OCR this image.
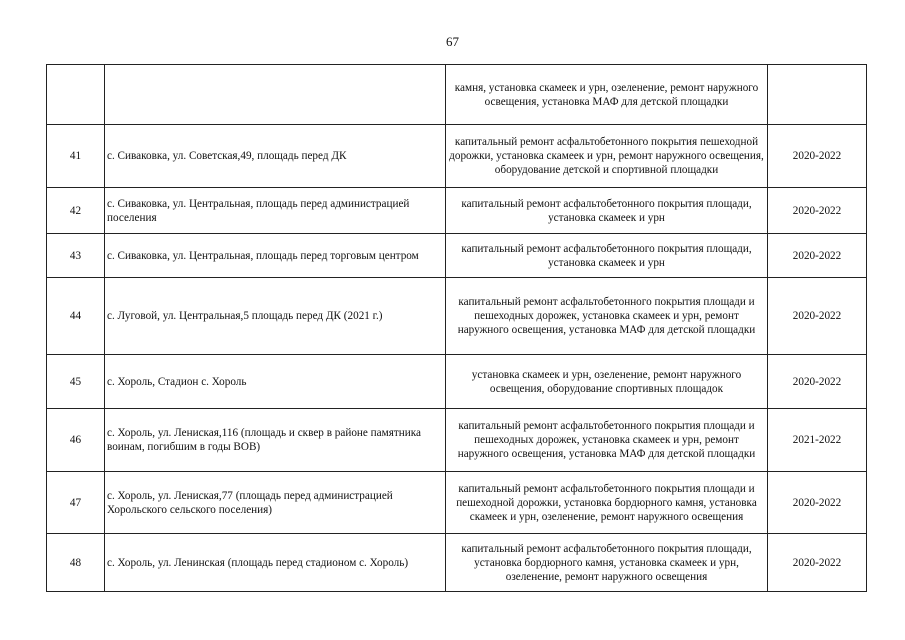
67
		камня, установка скамеек и урн, озеленение, ремонт наружного освещения, установка МАФ для детской площадки	
41	с. Сиваковка, ул. Советская,49, площадь перед ДК	капитальный ремонт асфальтобетонного покрытия пешеходной дорожки, установка скамеек и урн, ремонт наружного освещения, оборудование детской и спортивной площадки	2020-2022
42	с. Сиваковка, ул. Центральная, площадь перед администрацией поселения	капитальный ремонт асфальтобетонного покрытия площади, установка скамеек и урн	2020-2022
43	с. Сиваковка, ул. Центральная, площадь перед торговым центром	капитальный ремонт асфальтобетонного покрытия площади, установка скамеек и урн	2020-2022
44	с. Луговой, ул. Центральная,5 площадь перед ДК (2021 г.)	капитальный ремонт асфальтобетонного покрытия площади и пешеходных дорожек, установка скамеек и урн, ремонт наружного освещения, установка МАФ для детской площадки	2020-2022
45	с. Хороль, Стадион с. Хороль	установка скамеек и урн, озеленение, ремонт наружного освещения, оборудование спортивных площадок	2020-2022
46	с. Хороль, ул. Лениская,116 (площадь и сквер в районе памятника воинам, погибшим в годы ВОВ)	капитальный ремонт асфальтобетонного покрытия площади и пешеходных дорожек, установка скамеек и урн, ремонт наружного освещения, установка МАФ для детской площадки	2021-2022
47	с. Хороль, ул. Лениская,77 (площадь перед администрацией Хорольского сельского поселения)	капитальный ремонт асфальтобетонного покрытия площади и пешеходной дорожки, установка бордюрного камня, установка скамеек и урн, озеленение, ремонт наружного освещения	2020-2022
48	с. Хороль, ул. Ленинская (площадь перед стадионом с. Хороль)	капитальный ремонт асфальтобетонного покрытия площади, установка бордюрного камня, установка скамеек и урн, озеленение, ремонт наружного освещения	2020-2022
